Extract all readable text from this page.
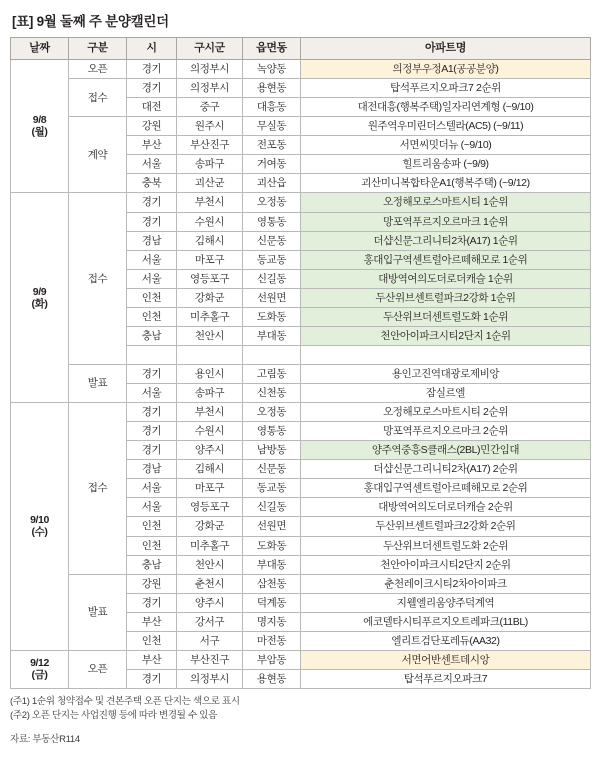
[표] 9월 둘째 주 분양캘린더
날짜	구분	시	구시군	읍면동	아파트명
9/8
(월)	오픈	경기	의정부시	녹양동	의정부우정A1(공공분양)
	접수	경기	의정부시	용현동	탑석푸르지오파크7 2순위
		대전	중구	대흥동	대전대흥(행복주택)일자리연계형 (~9/10)
	계약	강원	원주시	무실동	원주역우미린더스텔라(AC5) (~9/11)
		부산	부산진구	전포동	서면씨밋더뉴 (~9/10)
		서울	송파구	거여동	힐트리움송파 (~9/9)
		충북	괴산군	괴산읍	괴산미니복합타운A1(행복주택) (~9/12)
9/9
(화)	접수	경기	부천시	오정동	오정해모로스마트시티 1순위
		경기	수원시	영통동	망포역푸르지오르마크 1순위
		경남	김해시	신문동	더샵신문그리니티2차(A17) 1순위
		서울	마포구	동교동	홍대입구역센트럴아르떼해모로 1순위
		서울	영등포구	신길동	대방역여의도더로더캐슬 1순위
		인천	강화군	선원면	두산위브센트럴파크2강화 1순위
		인천	미추홀구	도화동	두산위브더센트럴도화 1순위
		충남	천안시	부대동	천안아이파크시티2단지 1순위

	발표	경기	용인시	고림동	용인고진역대광로제비앙
		서울	송파구	신천동	잠실르엘
9/10
(수)	접수	경기	부천시	오정동	오정해모로스마트시티 2순위
		경기	수원시	영통동	망포역푸르지오르마크 2순위
		경기	양주시	남방동	양주역중흥S클래스(2BL)민간임대
		경남	김해시	신문동	더샵신문그리니티2차(A17) 2순위
		서울	마포구	동교동	홍대입구역센트럴아르떼해모로 2순위
		서울	영등포구	신길동	대방역여의도더로더캐슬 2순위
		인천	강화군	선원면	두산위브센트럴파크2강화 2순위
		인천	미추홀구	도화동	두산위브더센트럴도화 2순위
		충남	천안시	부대동	천안아이파크시티2단지 2순위
	발표	강원	춘천시	삼천동	춘천레이크시티2차아이파크
		경기	양주시	덕계동	지웰엘리움양주덕계역
		부산	강서구	명지동	에코델타시티푸르지오트레파크(11BL)
		인천	서구	마전동	엘리트검단포레듀(AA32)
9/12
(금)	오픈	부산	부산진구	부암동	서면어반센트데시앙
		경기	의정부시	용현동	탑석푸르지오파크7
(주1) 1순위 청약접수 및 견본주택 오픈 단지는 색으로 표시
(주2) 오픈 단지는 사업진행 등에 따라 변경될 수 있음
자료: 부동산R114
